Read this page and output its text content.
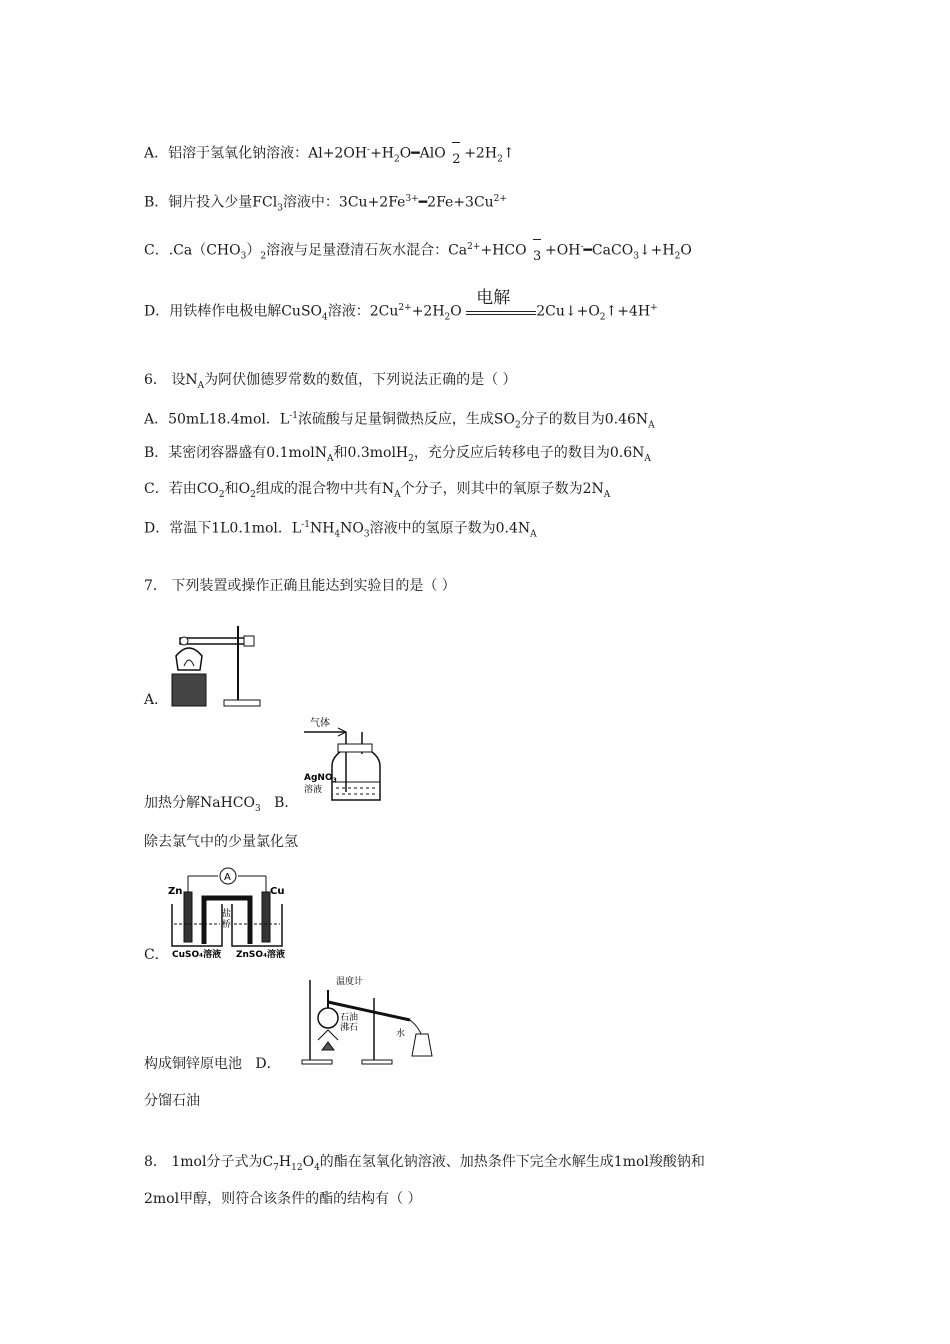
A．铝溶于氢氧化钠溶液：$Al+2OH^-+H_2O━AlO$ $2 +2H_2↑$
B．铜片投入少量FCl$_3$溶液中：$3Cu+2Fe^{3+}━2Fe+3Cu^{2+}$
C．$.Ca(CHO_3)_2$溶液与足量澄清石灰水混合：$Ca^{2+}+HCO$ $3 +OH^-━CaCO_3↓+H_2O$
D．用铁棒作电极电解CuSO$_4$溶液：$2Cu^{2+}+2H_2O$
电解
$2Cu↓+O_2↑+4H^+$
6． 设$N_A$为阿伏伽德罗常数的数值，下列说法正确的是（ ）
A．50mL18.4mol．$L^{-1}$浓硫酸与足量铜微热反应，生成$SO_2$分子的数目为$0.46N_A$
B．某密闭容器盛有0.1molN$_A$和0.3molH$_2$，充分反应后转移电子的数目为$0.6N_A$
C．若由$CO_2$和$O_2$组成的混合物中共有$N_A$个分子，则其中的氧原子数为$2N_A$
D．常温下1L0.1mol．$L^{-1}NH_4NO_3$溶液中的氢原子数为$0.4N_A$
7． 下列装置或操作正确且能达到实验目的是（ ）
A．
气体
AgNO$_3$
溶液
加热分解NaHCO$_3$ B．
除去氯气中的少量氯化氢
Zn	Cu
A
盐
桥
C． CuSO₄溶液 ZnSO₄溶液
温度计
石油
沸石
水
构成铜锌原电池 D．
分馏石油
8． 1mol分子式为$C_7H_{12}O_4$的酯在氢氧化钠溶液、加热条件下完全水解生成1mol羧酸钠和
2mol甲醇，则符合该条件的酯的结构有（ ）
